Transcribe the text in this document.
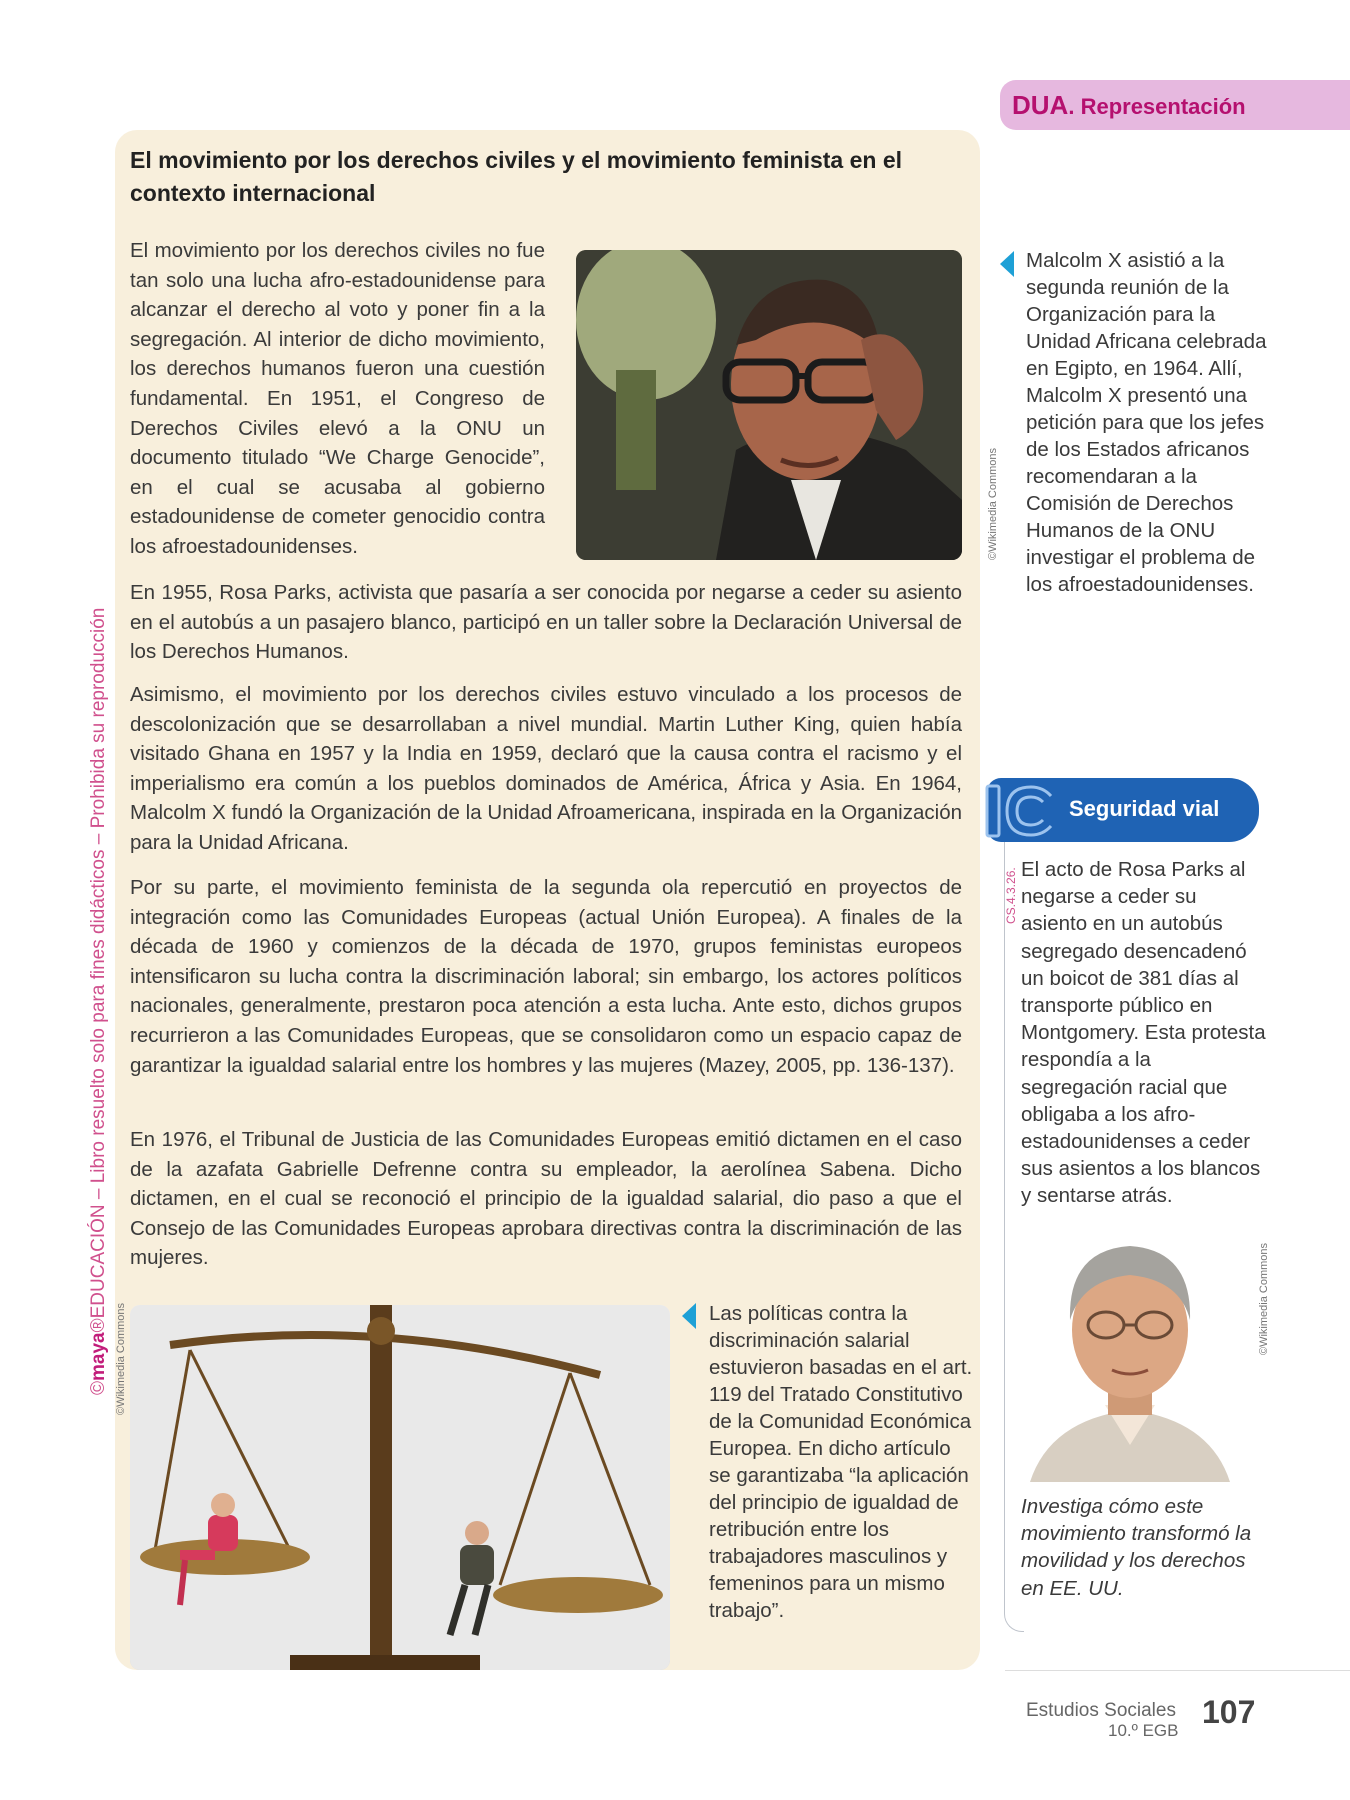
DUA. Representación
©maya®EDUCACIÓN – Libro resuelto solo para fines didácticos – Prohibida su reproducción
El movimiento por los derechos civiles y el movimiento feminista en el contexto internacional

El movimiento por los derechos civiles no fue tan solo una lucha afro-estadounidense para alcanzar el derecho al voto y poner fin a la segregación. Al interior de dicho movimiento, los derechos humanos fueron una cuestión fundamental. En 1951, el Congreso de Derechos Civiles elevó a la ONU un documento titulado “We Charge Genocide”, en el cual se acusaba al gobierno estadounidense de cometer genocidio contra los afroestadounidenses.	©Wikimedia Commons

En 1955, Rosa Parks, activista que pasaría a ser conocida por negarse a ceder su asiento en el autobús a un pasajero blanco, participó en un taller sobre la Declaración Universal de los Derechos Humanos.

Asimismo, el movimiento por los derechos civiles estuvo vinculado a los procesos de descolonización que se desarrollaban a nivel mundial. Martin Luther King, quien había visitado Ghana en 1957 y la India en 1959, declaró que la causa contra el racismo y el imperialismo era común a los pueblos dominados de América, África y Asia. En 1964, Malcolm X fundó la Organización de la Unidad Afroamericana, inspirada en la Organización para la Unidad Africana.

Por su parte, el movimiento feminista de la segunda ola repercutió en proyectos de integración como las Comunidades Europeas (actual Unión Europea). A finales de la década de 1960 y comienzos de la década de 1970, grupos feministas europeos intensificaron su lucha contra la discriminación laboral; sin embargo, los actores políticos nacionales, generalmente, prestaron poca atención a esta lucha. Ante esto, dichos grupos recurrieron a las Comunidades Europeas, que se consolidaron como un espacio capaz de garantizar la igualdad salarial entre los hombres y las mujeres (Mazey, 2005, pp. 136-137).

En 1976, el Tribunal de Justicia de las Comunidades Europeas emitió dictamen en el caso de la azafata Gabrielle Defrenne contra su empleador, la aerolínea Sabena. Dicho dictamen, en el cual se reconoció el principio de la igualdad salarial, dio paso a que el Consejo de las Comunidades Europeas aprobara directivas contra la discriminación de las mujeres.

©Wikimedia Commons	Las políticas contra la discriminación salarial estuvieron basadas en el art. 119 del Tratado Constitutivo de la Comunidad Económica Europea. En dicho artículo se garantizaba “la aplicación del principio de igualdad de retribución entre los trabajadores masculinos y femeninos para un mismo trabajo”.

Malcolm X asistió a la segunda reunión de la Organización para la Unidad Africana celebrada en Egipto, en 1964. Allí, Malcolm X presentó una petición para que los jefes de los Estados africanos recomendaran a la Comisión de Derechos Humanos de la ONU investigar el problema de los afroestadounidenses.

IC
Seguridad vial
CS.4.3.26. El acto de Rosa Parks al negarse a ceder su asiento en un autobús segregado desencadenó un boicot de 381 días al transporte público en Montgomery. Esta protesta respondía a la segregación racial que obligaba a los afro-estadounidenses a ceder sus asientos a los blancos y sentarse atrás.

©Wikimedia Commons

Investiga cómo este movimiento transformó la movilidad y los derechos en EE. UU.

Estudios Sociales
10.º EGB
107
